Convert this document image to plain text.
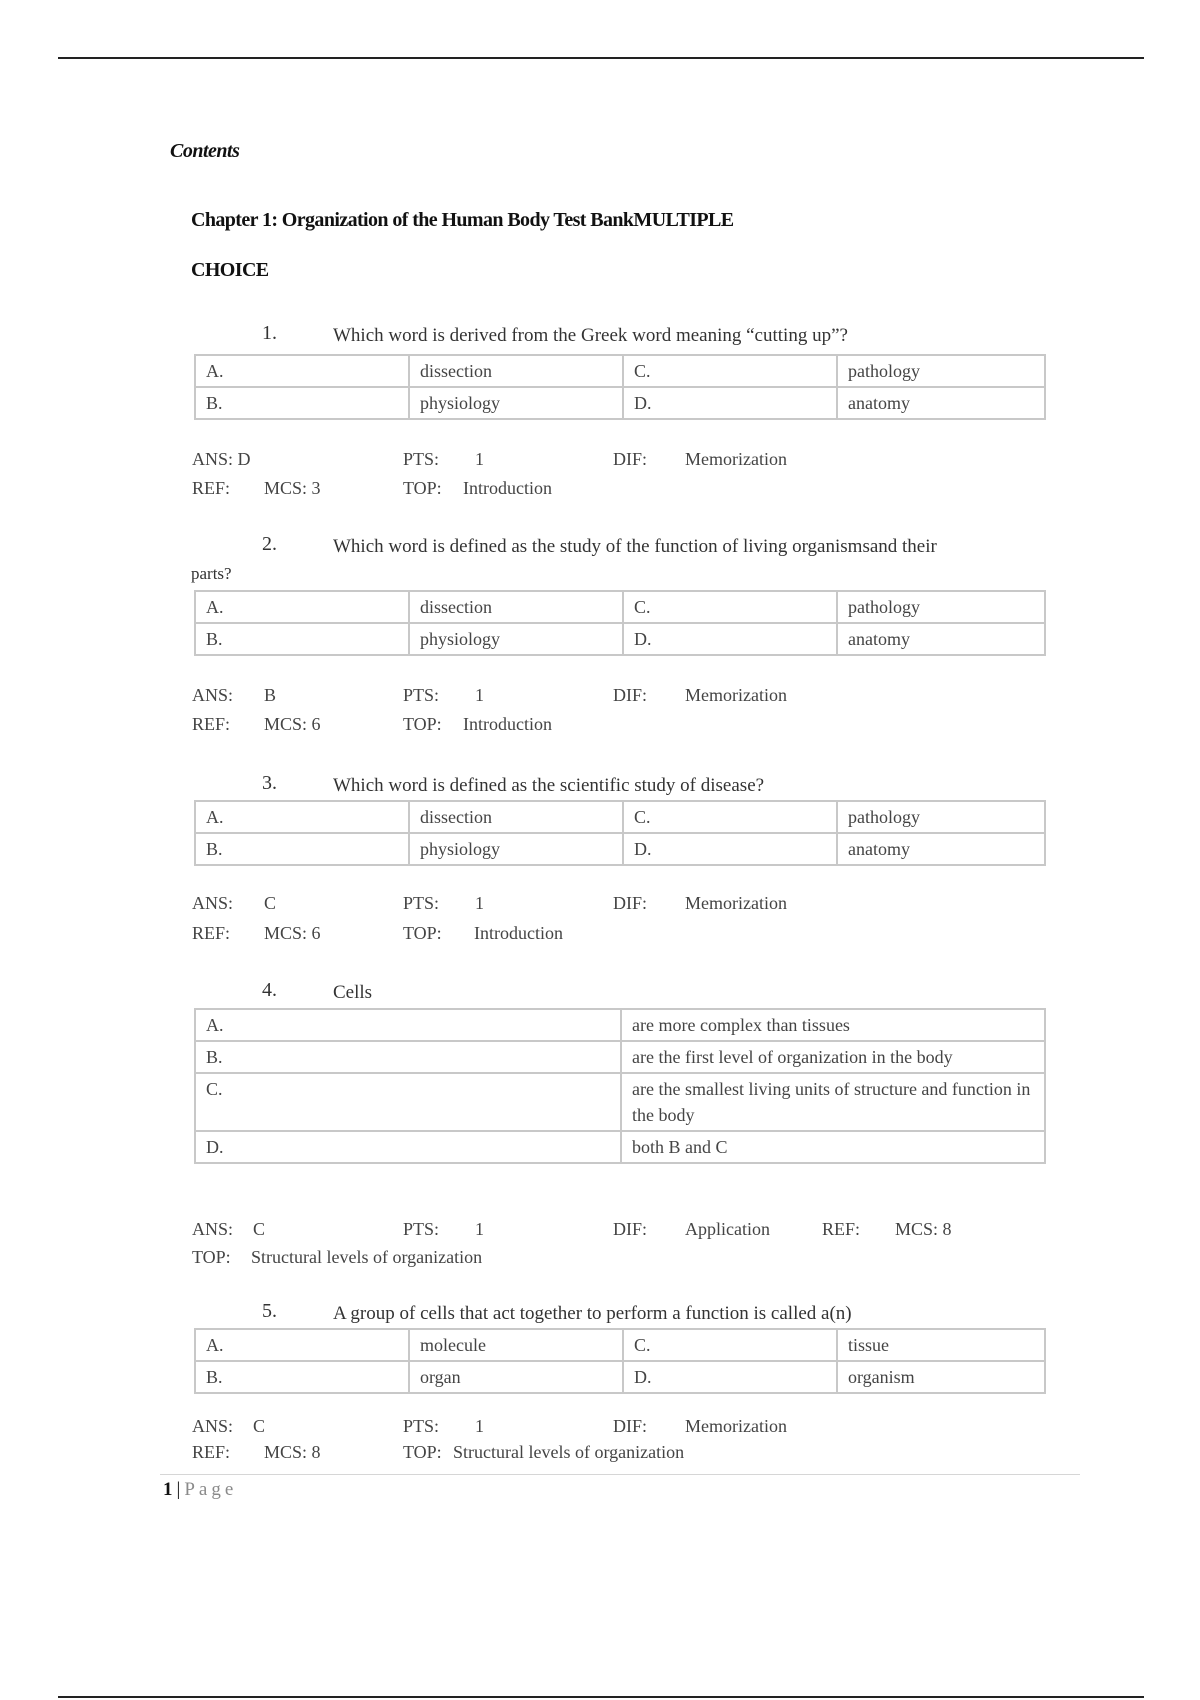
Contents
Chapter 1: Organization of the Human Body Test BankMULTIPLE CHOICE
1.	Which word is derived from the Greek word meaning “cutting up”?
A.	dissection	C.	pathology
B.	physiology	D.	anatomy
ANS: D	PTS: 1	DIF: Memorization
REF: MCS: 3	TOP: Introduction
2.	Which word is defined as the study of the function of living organismsand their
parts?
A.	dissection	C.	pathology
B.	physiology	D.	anatomy
ANS: B	PTS: 1	DIF: Memorization
REF: MCS: 6	TOP: Introduction
3.	Which word is defined as the scientific study of disease?
A.	dissection	C.	pathology
B.	physiology	D.	anatomy
ANS: C	PTS: 1	DIF: Memorization
REF: MCS: 6	TOP: Introduction
4.	Cells
A.	are more complex than tissues
B.	are the first level of organization in the body
C.	are the smallest living units of structure and function in the body
D.	both B and C
ANS: C	PTS: 1	DIF: Application	REF: MCS: 8
TOP: Structural levels of organization
5.	A group of cells that act together to perform a function is called a(n)
A.	molecule	C.	tissue
B.	organ	D.	organism
ANS: C	PTS: 1	DIF: Memorization
REF: MCS: 8	TOP: Structural levels of organization
1 | Page
